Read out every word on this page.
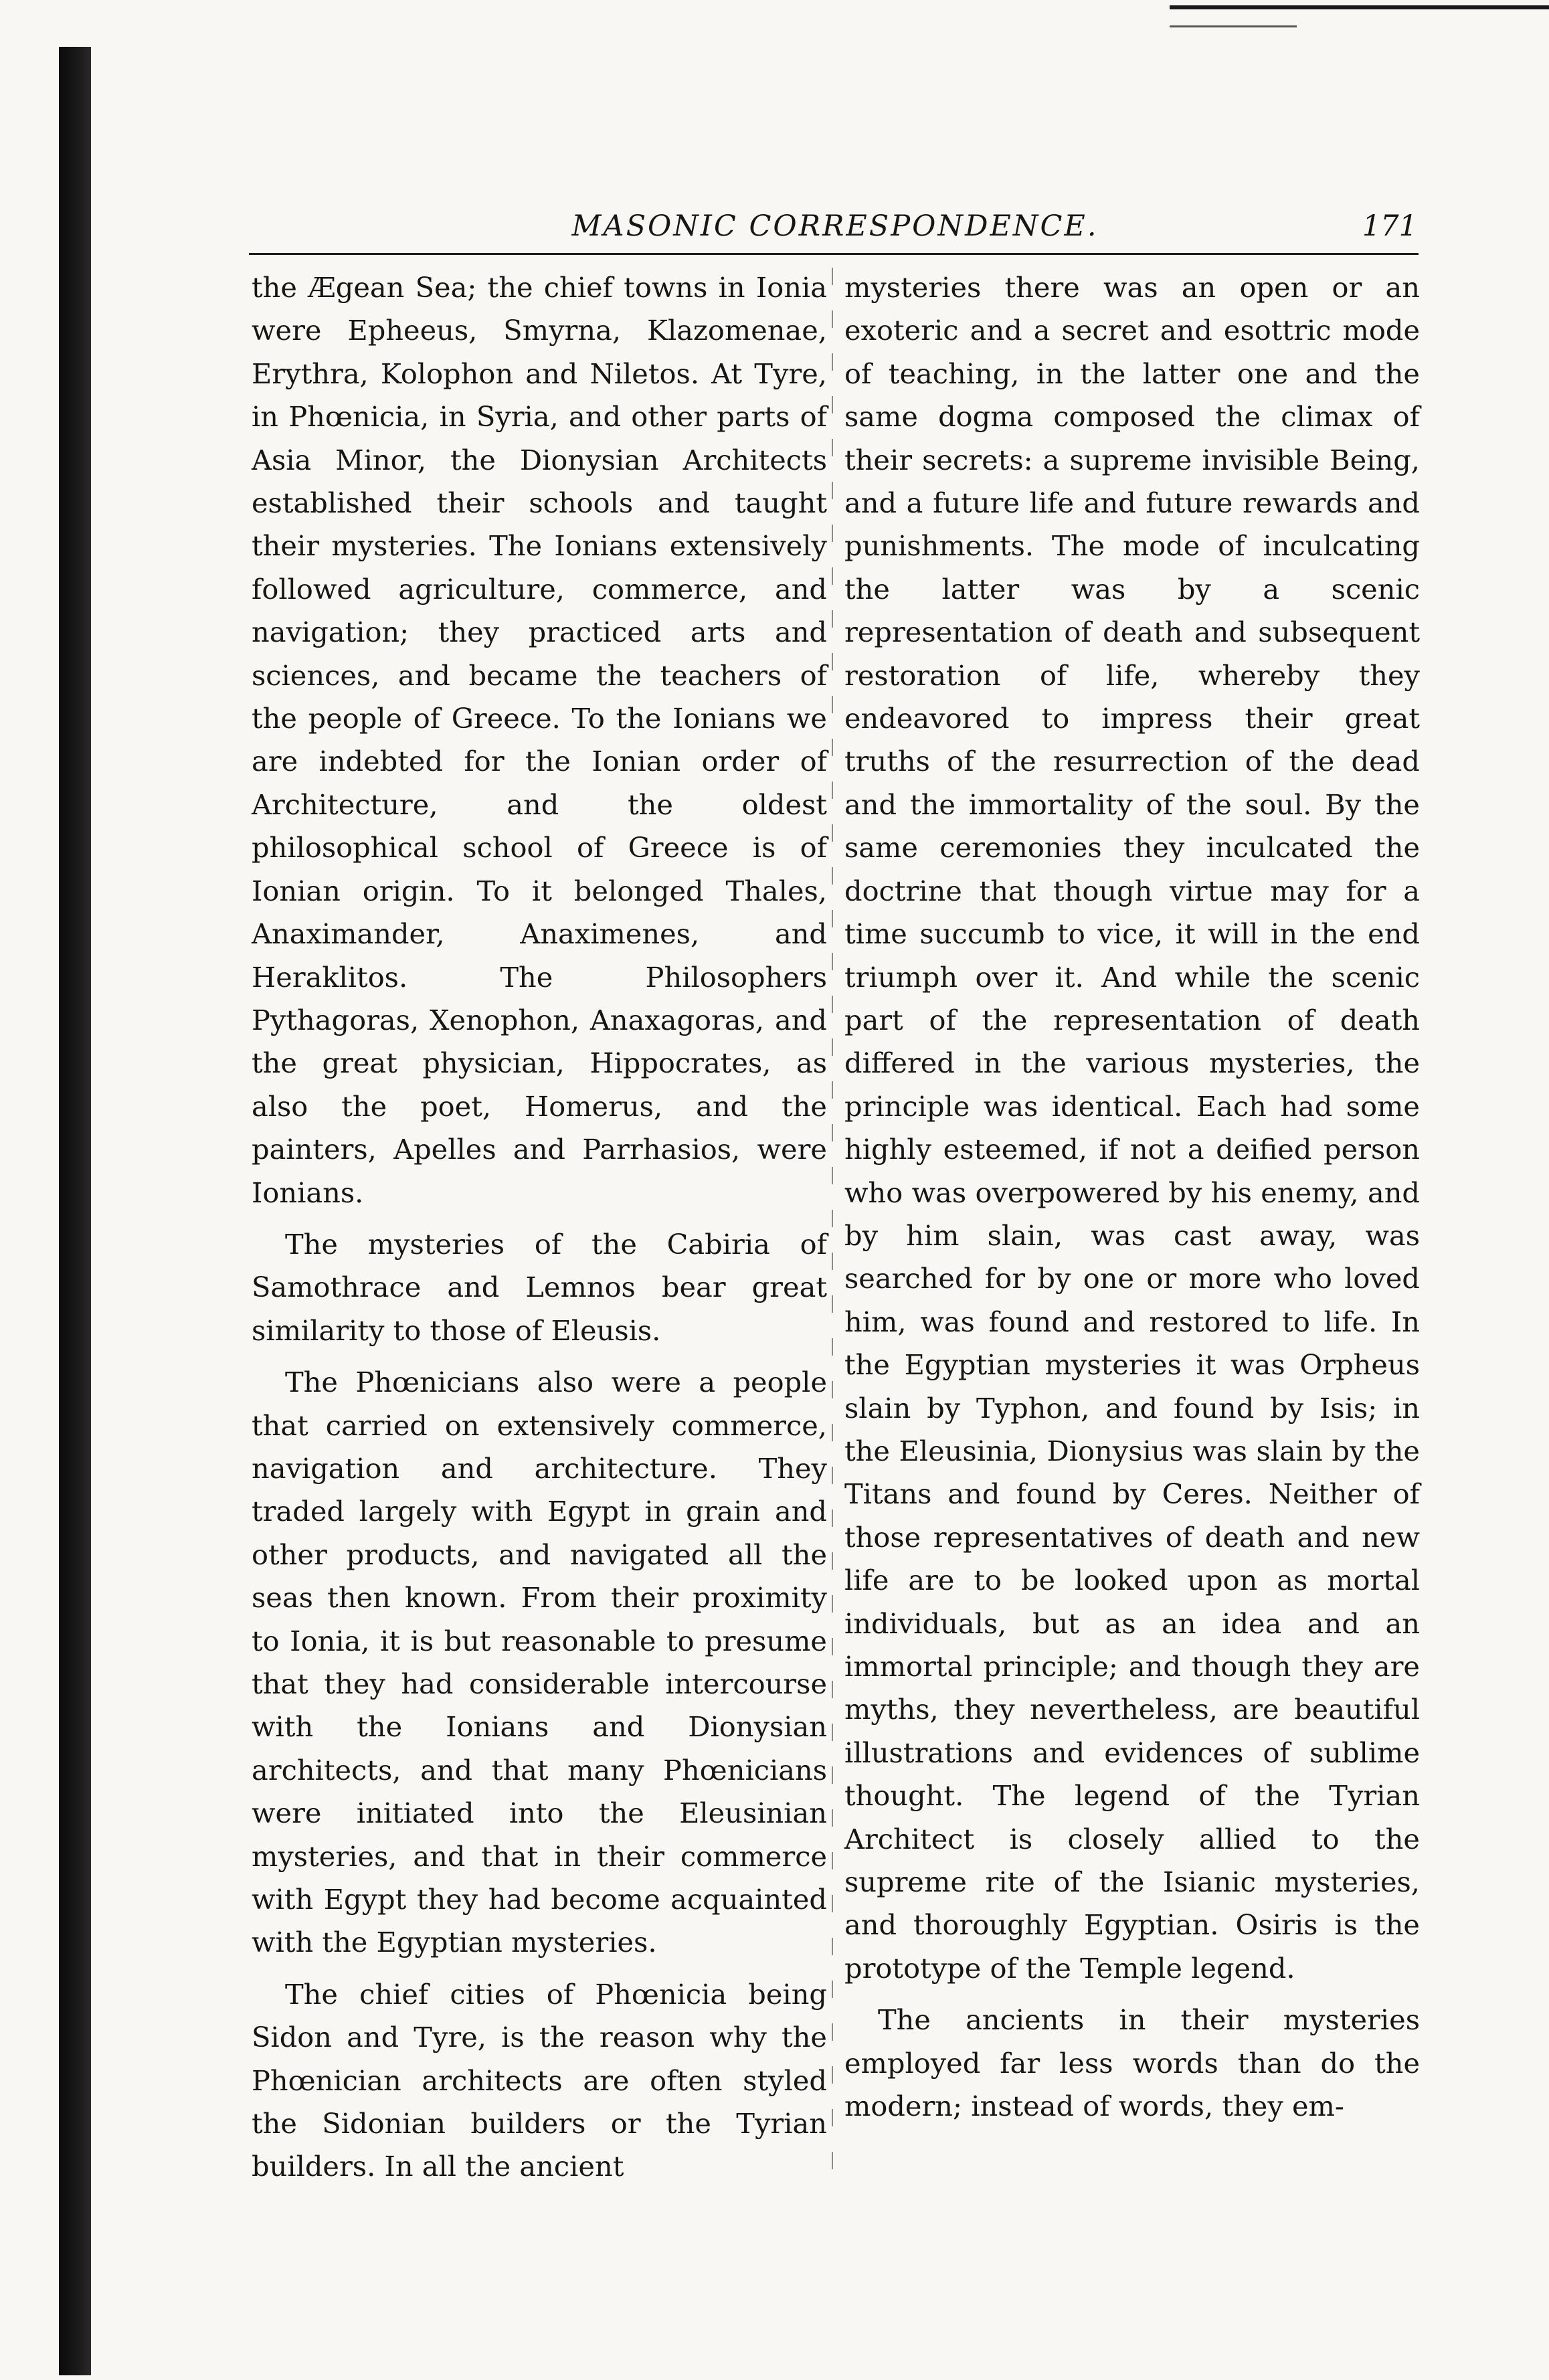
MASONIC CORRESPONDENCE.	171

the Ægean Sea; the chief towns in Ionia were Epheeus, Smyrna, Klazomenae, Erythra, Kolophon and Niletos. At Tyre, in Phœnicia, in Syria, and other parts of Asia Minor, the Dionysian Architects established their schools and taught their mysteries. The Ionians extensively followed agriculture, commerce, and navigation; they practiced arts and sciences, and became the teachers of the people of Greece. To the Ionians we are indebted for the Ionian order of Architecture, and the oldest philosophical school of Greece is of Ionian origin. To it belonged Thales, Anaximander, Anaximenes, and Heraklitos. The Philosophers Pythagoras, Xenophon, Anaxagoras, and the great physician, Hippocrates, as also the poet, Homerus, and the painters, Apelles and Parrhasios, were Ionians.

The mysteries of the Cabiria of Samothrace and Lemnos bear great similarity to those of Eleusis.

The Phœnicians also were a people that carried on extensively commerce, navigation and architecture. They traded largely with Egypt in grain and other products, and navigated all the seas then known. From their proximity to Ionia, it is but reasonable to presume that they had considerable intercourse with the Ionians and Dionysian architects, and that many Phœnicians were initiated into the Eleusinian mysteries, and that in their commerce with Egypt they had become acquainted with the Egyptian mysteries.

The chief cities of Phœnicia being Sidon and Tyre, is the reason why the Phœnician architects are often styled the Sidonian builders or the Tyrian builders. In all the ancient

mysteries there was an open or an exoteric and a secret and esottric mode of teaching, in the latter one and the same dogma composed the climax of their secrets: a supreme invisible Being, and a future life and future rewards and punishments. The mode of inculcating the latter was by a scenic representation of death and subsequent restoration of life, whereby they endeavored to impress their great truths of the resurrection of the dead and the immortality of the soul. By the same ceremonies they inculcated the doctrine that though virtue may for a time succumb to vice, it will in the end triumph over it. And while the scenic part of the representation of death differed in the various mysteries, the principle was identical. Each had some highly esteemed, if not a deified person who was overpowered by his enemy, and by him slain, was cast away, was searched for by one or more who loved him, was found and restored to life. In the Egyptian mysteries it was Orpheus slain by Typhon, and found by Isis; in the Eleusinia, Dionysius was slain by the Titans and found by Ceres. Neither of those representatives of death and new life are to be looked upon as mortal individuals, but as an idea and an immortal principle; and though they are myths, they nevertheless, are beautiful illustrations and evidences of sublime thought. The legend of the Tyrian Architect is closely allied to the supreme rite of the Isianic mysteries, and thoroughly Egyptian. Osiris is the prototype of the Temple legend.

The ancients in their mysteries employed far less words than do the modern; instead of words, they em-
